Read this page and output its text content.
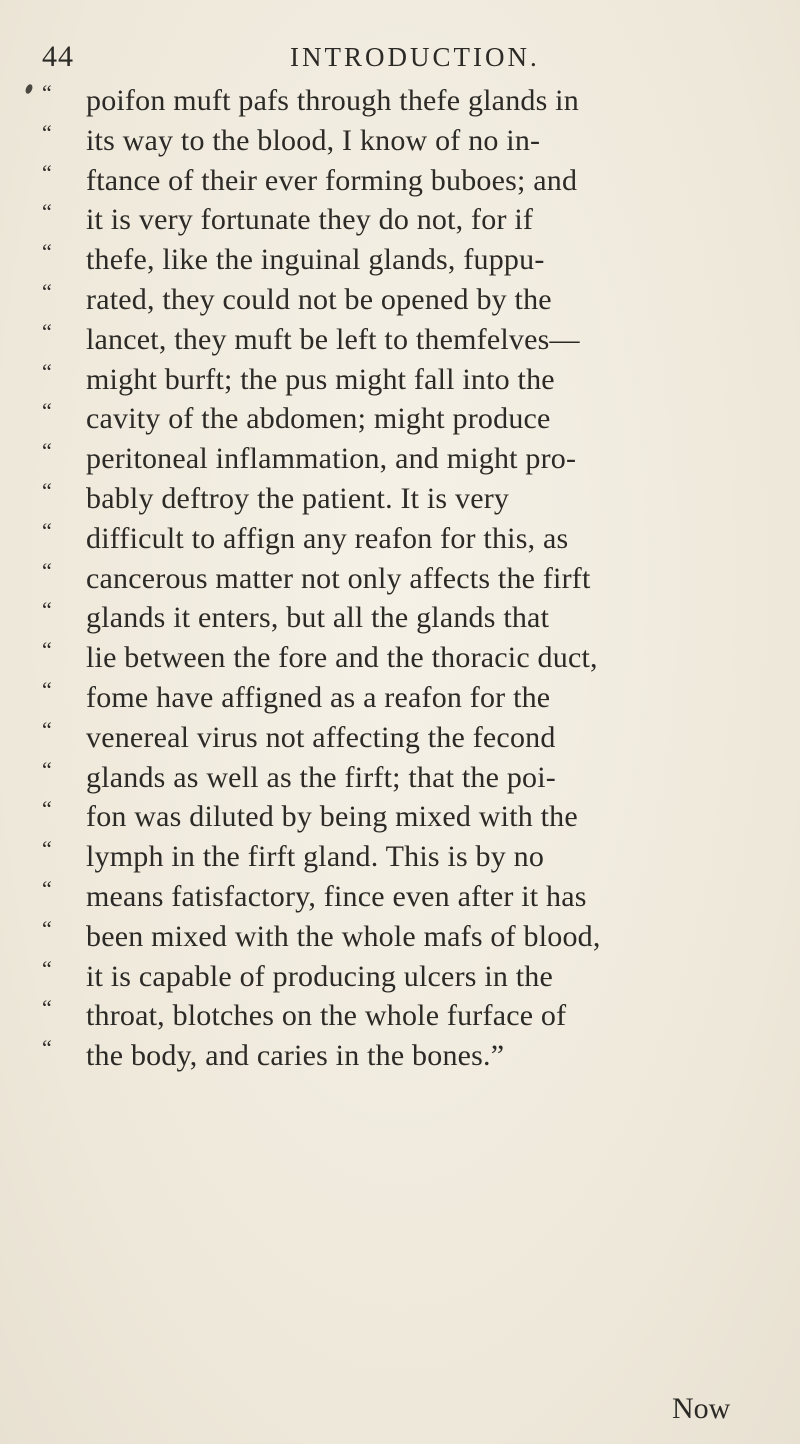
44	INTRODUCTION.
“	poifon muft pafs through thefe glands in
“	its way to the blood, I know of no in-
“	ftance of their ever forming buboes; and
“	it is very fortunate they do not, for if
“	thefe, like the inguinal glands, fuppu-
“	rated, they could not be opened by the
“	lancet, they muft be left to themfelves—
“	might burft; the pus might fall into the
“	cavity of the abdomen; might produce
“	peritoneal inflammation, and might pro-
“	bably deftroy the patient. It is very
“	difficult to affign any reafon for this, as
“	cancerous matter not only affects the firft
“	glands it enters, but all the glands that
“	lie between the fore and the thoracic duct,
“	fome have affigned as a reafon for the
“	venereal virus not affecting the fecond
“	glands as well as the firft; that the poi-
“	fon was diluted by being mixed with the
“	lymph in the firft gland. This is by no
“	means fatisfactory, fince even after it has
“	been mixed with the whole mafs of blood,
“	it is capable of producing ulcers in the
“	throat, blotches on the whole furface of
“	the body, and caries in the bones.”
Now
